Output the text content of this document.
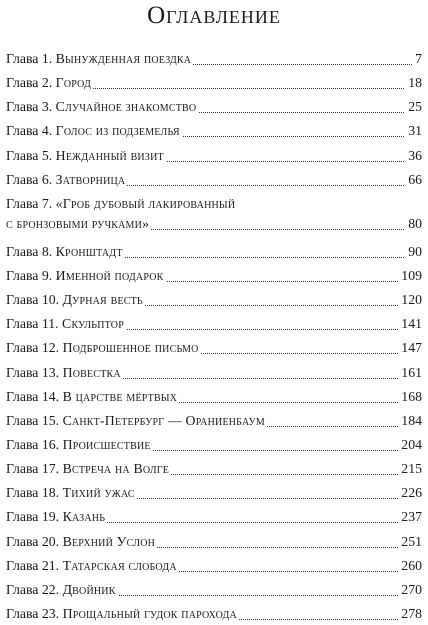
Оглавление
Глава 1. Вынужденная поездка	7
Глава 2. Город	18
Глава 3. Случайное знакомство	25
Глава 4. Голос из подземелья	31
Глава 5. Нежданный визит	36
Глава 6. Затворница	66
Глава 7. «Гроб дубовый лакированный
с бронзовыми ручками»	80
Глава 8. Кронштадт	90
Глава 9. Именной подарок	109
Глава 10. Дурная весть	120
Глава 11. Скульптор	141
Глава 12. Подброшенное письмо	147
Глава 13. Повестка	161
Глава 14. В царстве мёртвых	168
Глава 15. Санкт-Петербург — Ораниенбаум	184
Глава 16. Происшествие	204
Глава 17. Встреча на Волге	215
Глава 18. Тихий ужас	226
Глава 19. Казань	237
Глава 20. Верхний Услон	251
Глава 21. Татарская слобода	260
Глава 22. Двойник	270
Глава 23. Прощальный гудок парохода	278
